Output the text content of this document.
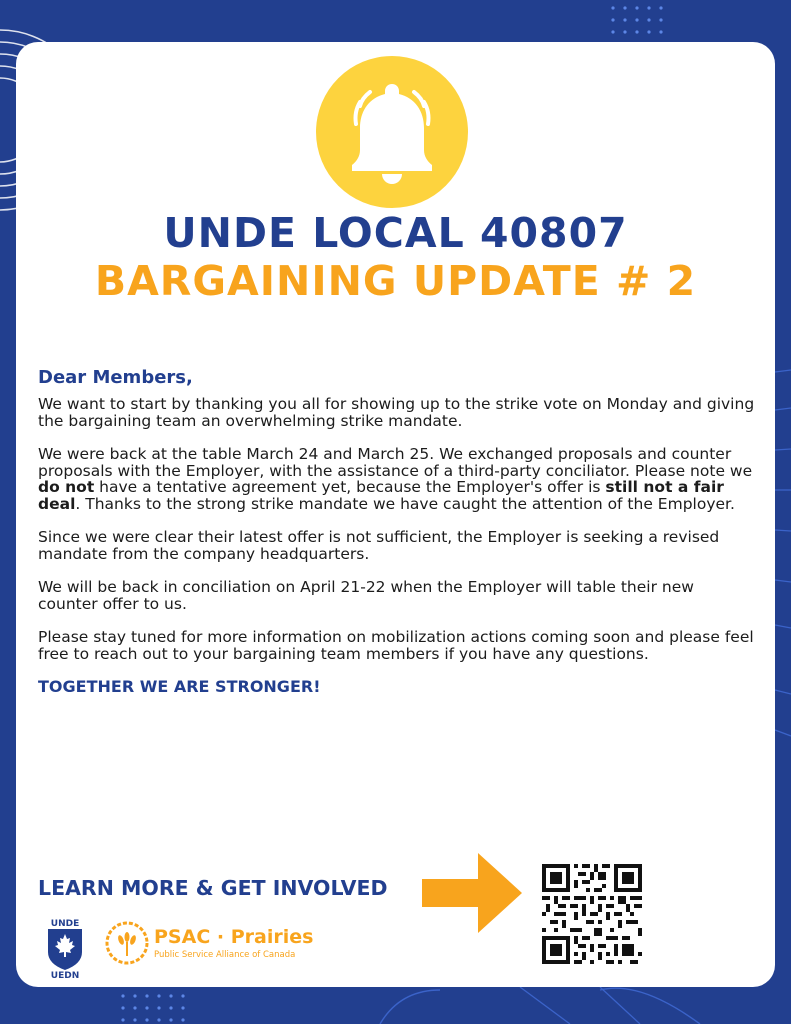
UNDE LOCAL 40807
BARGAINING UPDATE # 2
Dear Members,

We want to start by thanking you all for showing up to the strike vote on Monday and giving the bargaining team an overwhelming strike mandate.

We were back at the table March 24 and March 25. We exchanged proposals and counter proposals with the Employer, with the assistance of a third-party conciliator. Please note we do not have a tentative agreement yet, because the Employer's offer is still not a fair deal. Thanks to the strong strike mandate we have caught the attention of the Employer.

Since we were clear their latest offer is not sufficient, the Employer is seeking a revised mandate from the company headquarters.

We will be back in conciliation on April 21-22 when the Employer will table their new counter offer to us.

Please stay tuned for more information on mobilization actions coming soon and please feel free to reach out to your bargaining team members if you have any questions.

TOGETHER WE ARE STRONGER!
LEARN MORE & GET INVOLVED
UNDE
UEDN
PSAC · Prairies
Public Service Alliance of Canada
